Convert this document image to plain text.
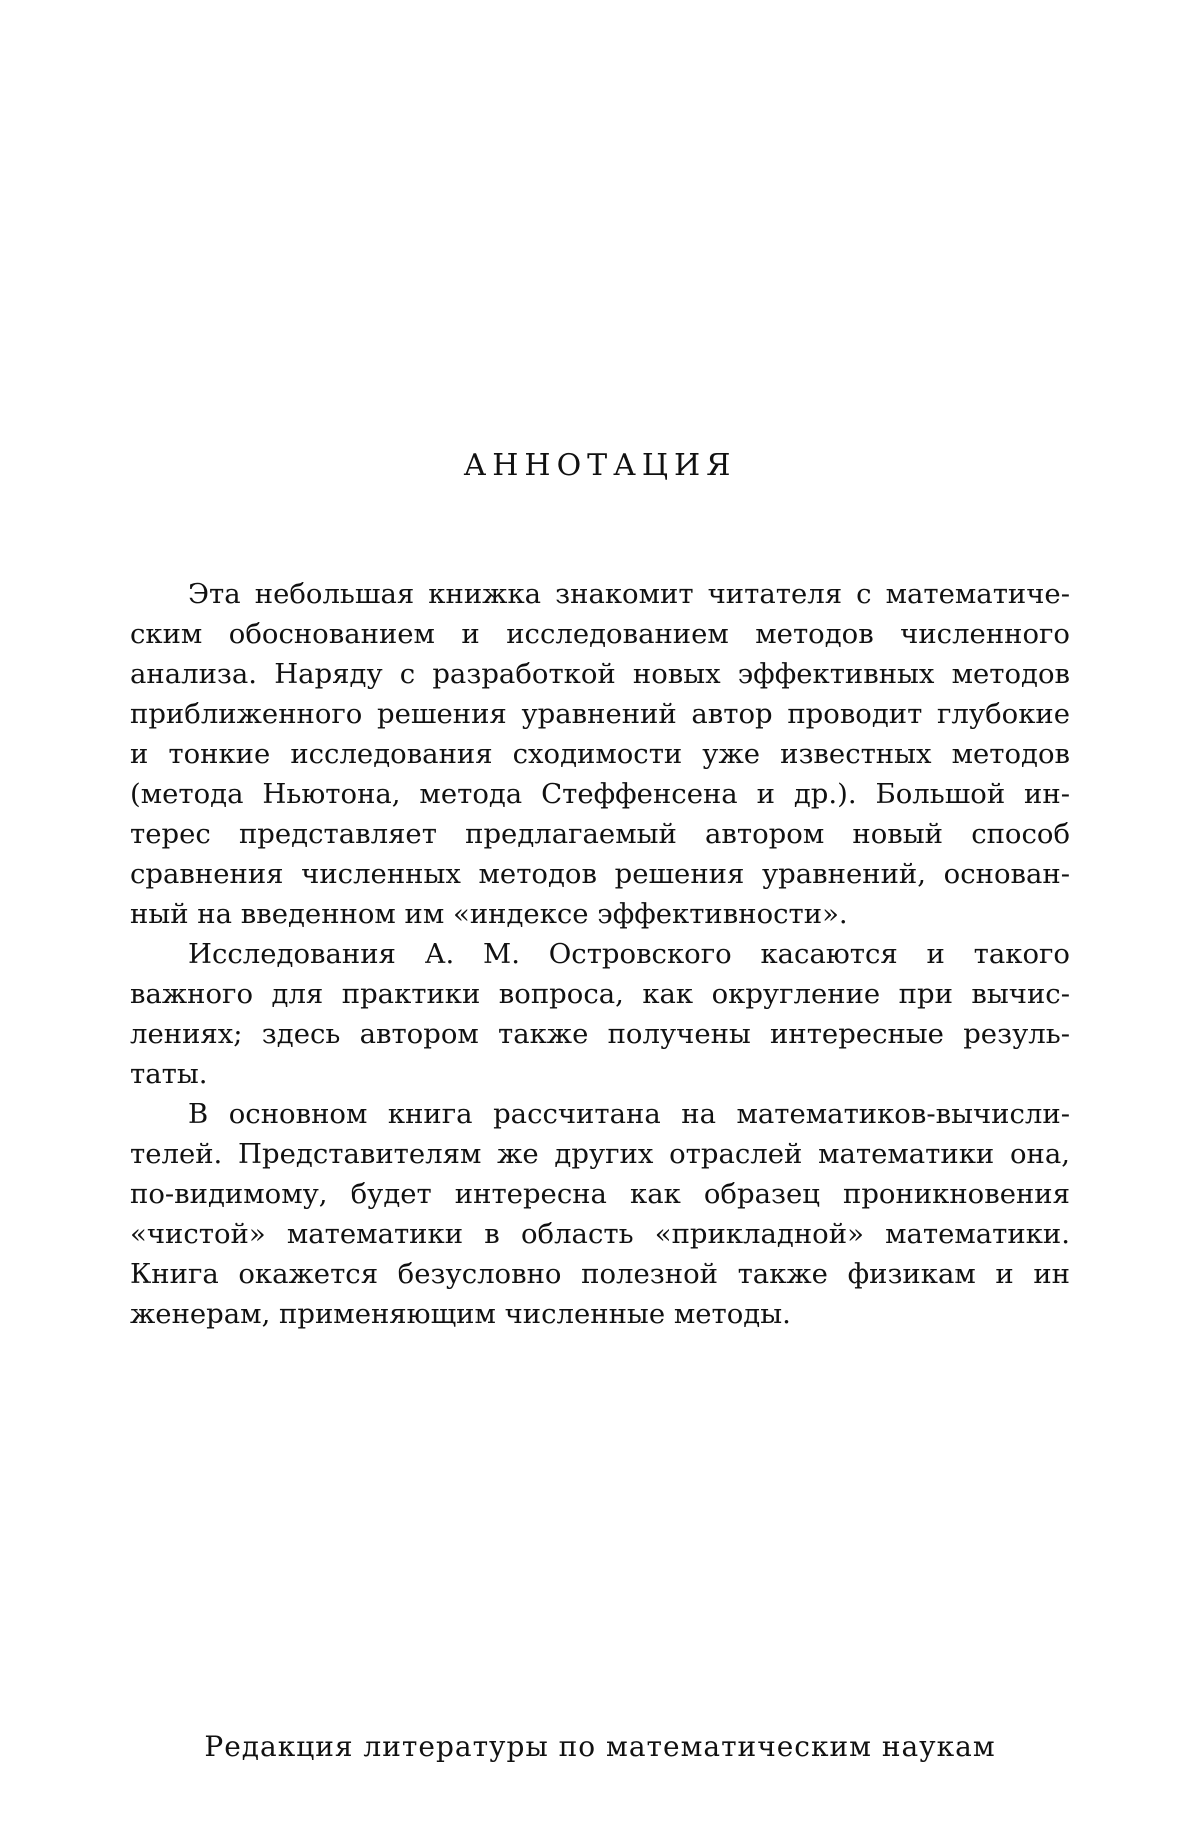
АННОТАЦИЯ
Эта небольшая книжка знакомит читателя с математиче-
ским обоснованием и исследованием методов численного
анализа. Наряду с разработкой новых эффективных методов
приближенного решения уравнений автор проводит глубокие
и тонкие исследования сходимости уже известных методов
(метода Ньютона, метода Стеффенсена и др.). Большой ин-
терес представляет предлагаемый автором новый способ
сравнения численных методов решения уравнений, основан-
ный на введенном им «индексе эффективности».
Исследования А. М. Островского касаются и такого
важного для практики вопроса, как округление при вычис-
лениях; здесь автором также получены интересные резуль-
таты.
В основном книга рассчитана на математиков-вычисли-
телей. Представителям же других отраслей математики она,
по-видимому, будет интересна как образец проникновения
«чистой» математики в область «прикладной» математики.
Книга окажется безусловно полезной также физикам и ин
женерам, применяющим численные методы.

Редакция литературы по математическим наукам
